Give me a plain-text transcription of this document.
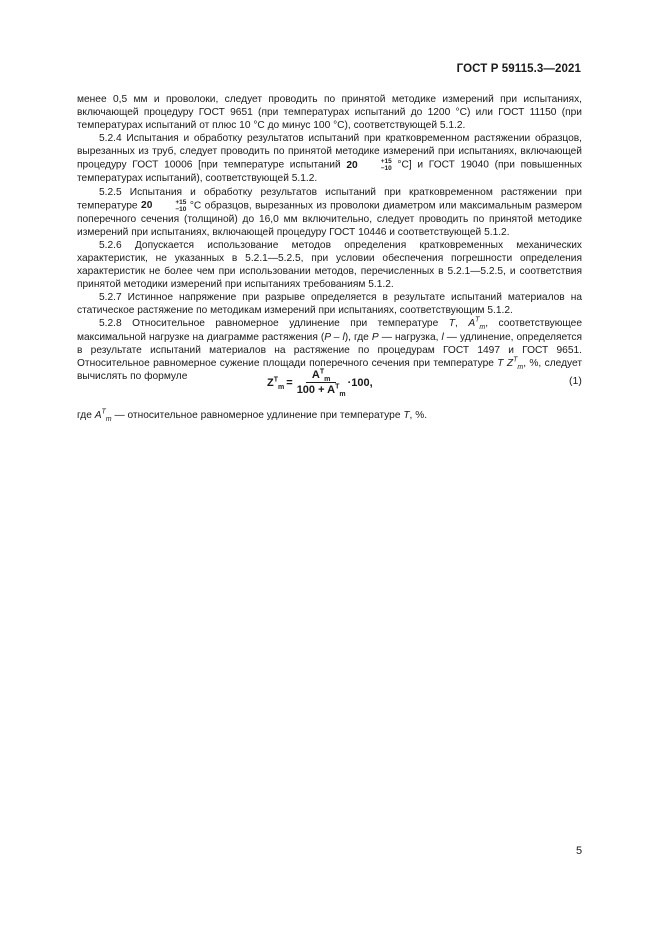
ГОСТ Р 59115.3—2021

менее 0,5 мм и проволоки, следует проводить по принятой методике измерений при испытаниях, включающей процедуру ГОСТ 9651 (при температурах испытаний до 1200 °С) или ГОСТ 11150 (при температурах испытаний от плюс 10 °С до минус 100 °С), соответствующей 5.1.2.

5.2.4 Испытания и обработку результатов испытаний при кратковременном растяжении образцов, вырезанных из труб, следует проводить по принятой методике измерений при испытаниях, включающей процедуру ГОСТ 10006 [при температуре испытаний 20	+15
−10 °С] и ГОСТ 19040 (при повышенных температурах испытаний), соответствующей 5.1.2.

5.2.5 Испытания и обработку результатов испытаний при кратковременном растяжении при температуре 20	+15
−10 °С образцов, вырезанных из проволоки диаметром или максимальным размером поперечного сечения (толщиной) до 16,0 мм включительно, следует проводить по принятой методике измерений при испытаниях, включающей процедуру ГОСТ 10446 и соответствующей 5.1.2.

5.2.6 Допускается использование методов определения кратковременных механических характеристик, не указанных в 5.2.1—5.2.5, при условии обеспечения погрешности определения характеристик не более чем при использовании методов, перечисленных в 5.2.1—5.2.5, и соответствия принятой методики измерений при испытаниях требованиям 5.1.2.

5.2.7 Истинное напряжение при разрыве определяется в результате испытаний материалов на статическое растяжение по методикам измерений при испытаниях, соответствующим 5.1.2.

5.2.8 Относительное равномерное удлинение при температуре T, $A^T_m$, соответствующее максимальной нагрузке на диаграмме растяжения (P – l), где P — нагрузка, l — удлинение, определяется в результате испытаний материалов на растяжение по процедурам ГОСТ 1497 и ГОСТ 9651. Относительное равномерное сужение площади поперечного сечения при температуре T $Z^T_m$, %, следует вычислять по формуле

$Z^T_m = \frac{A^T_m}{100 + A^T_m} \cdot 100$,	(1)
где $A^T_m$ — относительное равномерное удлинение при температуре T, %.
5
